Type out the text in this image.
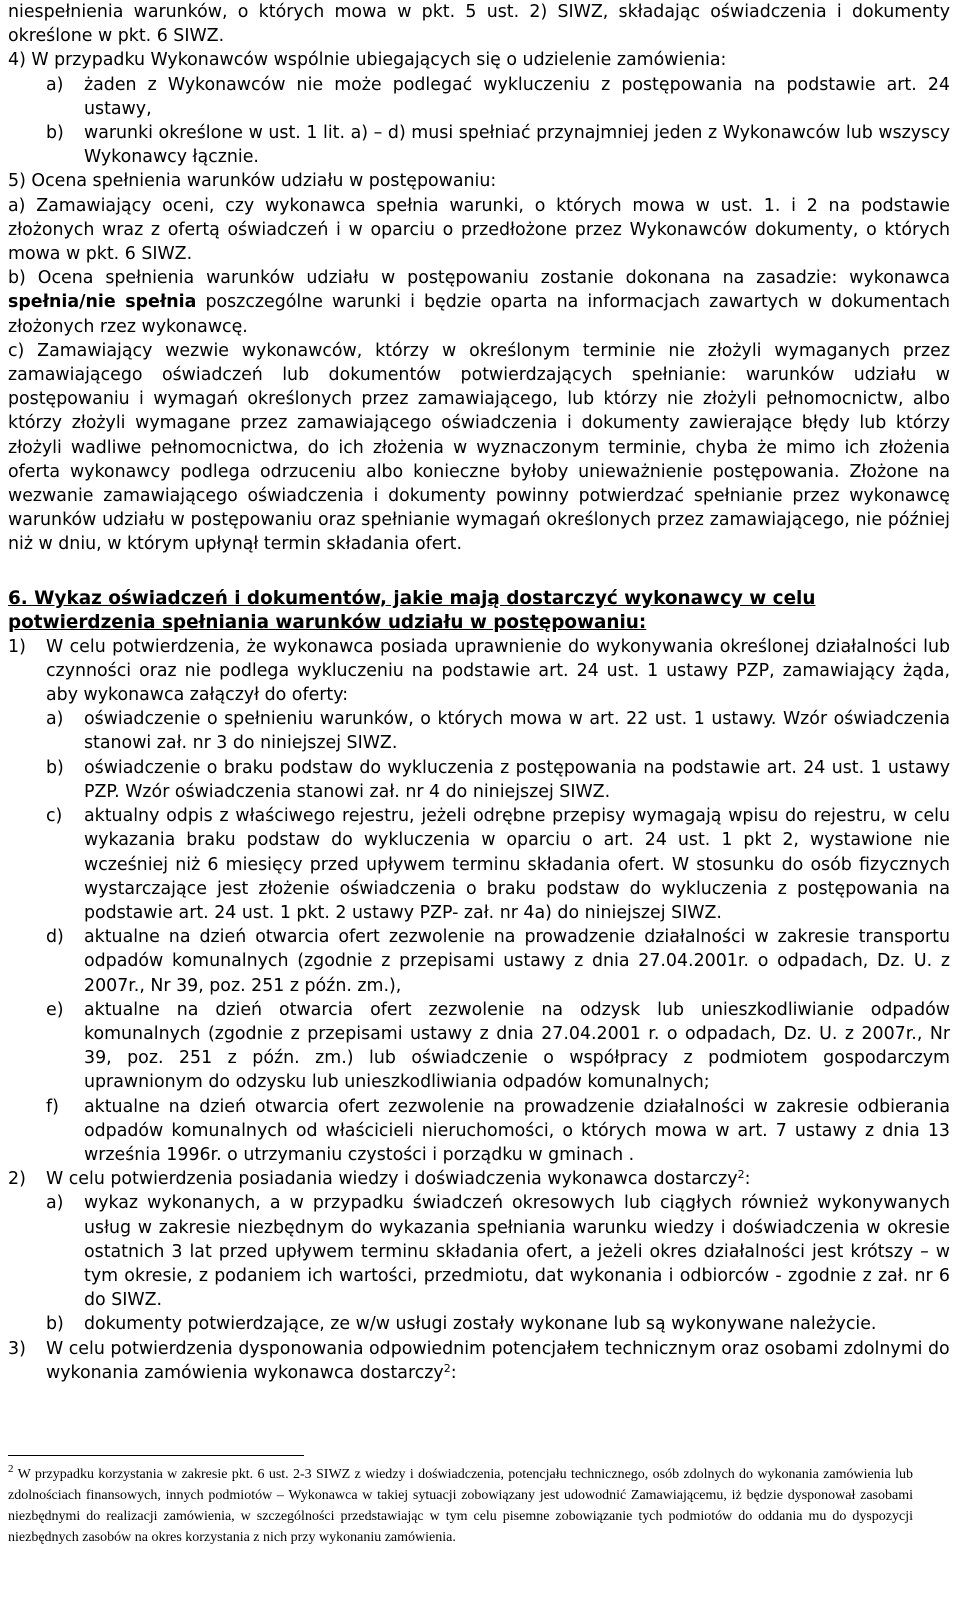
niespełnienia warunków, o których mowa w pkt. 5 ust. 2) SIWZ, składając oświadczenia i dokumenty określone w pkt. 6 SIWZ.

4) W przypadku Wykonawców wspólnie ubiegających się o udzielenie zamówienia:

a)	żaden z Wykonawców nie może podlegać wykluczeniu z postępowania na podstawie art. 24 ustawy,
b)	warunki określone w ust. 1 lit. a) – d) musi spełniać przynajmniej jeden z Wykonawców lub wszyscy Wykonawcy łącznie.

5) Ocena spełnienia warunków udziału w postępowaniu:

a) Zamawiający oceni, czy wykonawca spełnia warunki, o których mowa w ust. 1. i 2 na podstawie złożonych wraz z ofertą oświadczeń i w oparciu o przedłożone przez Wykonawców dokumenty, o których mowa w pkt. 6 SIWZ.

b) Ocena spełnienia warunków udziału w postępowaniu zostanie dokonana na zasadzie: wykonawca spełnia/nie spełnia poszczególne warunki i będzie oparta na informacjach zawartych w dokumentach złożonych rzez wykonawcę.

c) Zamawiający wezwie wykonawców, którzy w określonym terminie nie złożyli wymaganych przez zamawiającego oświadczeń lub dokumentów potwierdzających spełnianie: warunków udziału w postępowaniu i wymagań określonych przez zamawiającego, lub którzy nie złożyli pełnomocnictw, albo którzy złożyli wymagane przez zamawiającego oświadczenia i dokumenty zawierające błędy lub którzy złożyli wadliwe pełnomocnictwa, do ich złożenia w wyznaczonym terminie, chyba że mimo ich złożenia oferta wykonawcy podlega odrzuceniu albo konieczne byłoby unieważnienie postępowania. Złożone na wezwanie zamawiającego oświadczenia i dokumenty powinny potwierdzać spełnianie przez wykonawcę warunków udziału w postępowaniu oraz spełnianie wymagań określonych przez zamawiającego, nie później niż w dniu, w którym upłynął termin składania ofert.

6. Wykaz oświadczeń i dokumentów, jakie mają dostarczyć wykonawcy w celu potwierdzenia spełniania warunków udziału w postępowaniu:

1)	W celu potwierdzenia, że wykonawca posiada uprawnienie do wykonywania określonej działalności lub czynności oraz nie podlega wykluczeniu na podstawie art. 24 ust. 1 ustawy PZP, zamawiający żąda, aby wykonawca załączył do oferty:
a)	oświadczenie o spełnieniu warunków, o których mowa w art. 22 ust. 1 ustawy. Wzór oświadczenia stanowi zał. nr 3 do niniejszej SIWZ.
b)	oświadczenie o braku podstaw do wykluczenia z postępowania na podstawie art. 24 ust. 1 ustawy PZP. Wzór oświadczenia stanowi zał. nr 4 do niniejszej SIWZ.
c)	aktualny odpis z właściwego rejestru, jeżeli odrębne przepisy wymagają wpisu do rejestru, w celu wykazania braku podstaw do wykluczenia w oparciu o art. 24 ust. 1 pkt 2, wystawione nie wcześniej niż 6 miesięcy przed upływem terminu składania ofert. W stosunku do osób fizycznych wystarczające jest złożenie oświadczenia o braku podstaw do wykluczenia z postępowania na podstawie art. 24 ust. 1 pkt. 2 ustawy PZP- zał. nr 4a) do niniejszej SIWZ.
d)	aktualne na dzień otwarcia ofert zezwolenie na prowadzenie działalności w zakresie transportu odpadów komunalnych (zgodnie z przepisami ustawy z dnia 27.04.2001r. o odpadach, Dz. U. z 2007r., Nr 39, poz. 251 z późn. zm.),
e)	aktualne na dzień otwarcia ofert zezwolenie na odzysk lub unieszkodliwianie odpadów komunalnych (zgodnie z przepisami ustawy z dnia 27.04.2001 r. o odpadach, Dz. U. z 2007r., Nr 39, poz. 251 z późn. zm.) lub oświadczenie o współpracy z podmiotem gospodarczym uprawnionym do odzysku lub unieszkodliwiania odpadów komunalnych;
f)	aktualne na dzień otwarcia ofert zezwolenie na prowadzenie działalności w zakresie odbierania odpadów komunalnych od właścicieli nieruchomości, o których mowa w art. 7 ustawy z dnia 13 września 1996r. o utrzymaniu czystości i porządku w gminach .
2)	W celu potwierdzenia posiadania wiedzy i doświadczenia wykonawca dostarczy$^2$:
a)	wykaz wykonanych, a w przypadku świadczeń okresowych lub ciągłych również wykonywanych usług w zakresie niezbędnym do wykazania spełniania warunku wiedzy i doświadczenia w okresie ostatnich 3 lat przed upływem terminu składania ofert, a jeżeli okres działalności jest krótszy – w tym okresie, z podaniem ich wartości, przedmiotu, dat wykonania i odbiorców - zgodnie z zał. nr 6 do SIWZ.
b)	dokumenty potwierdzające, ze w/w usługi zostały wykonane lub są wykonywane należycie.
3)	W celu potwierdzenia dysponowania odpowiednim potencjałem technicznym oraz osobami zdolnymi do wykonania zamówienia wykonawca dostarczy$^2$:
$^2$ W przypadku korzystania w zakresie pkt. 6 ust. 2-3 SIWZ z wiedzy i doświadczenia, potencjału technicznego, osób zdolnych do wykonania zamówienia lub zdolnościach finansowych, innych podmiotów – Wykonawca w takiej sytuacji zobowiązany jest udowodnić Zamawiającemu, iż będzie dysponował zasobami niezbędnymi do realizacji zamówienia, w szczególności przedstawiając w tym celu pisemne zobowiązanie tych podmiotów do oddania mu do dyspozycji niezbędnych zasobów na okres korzystania z nich przy wykonaniu zamówienia.
